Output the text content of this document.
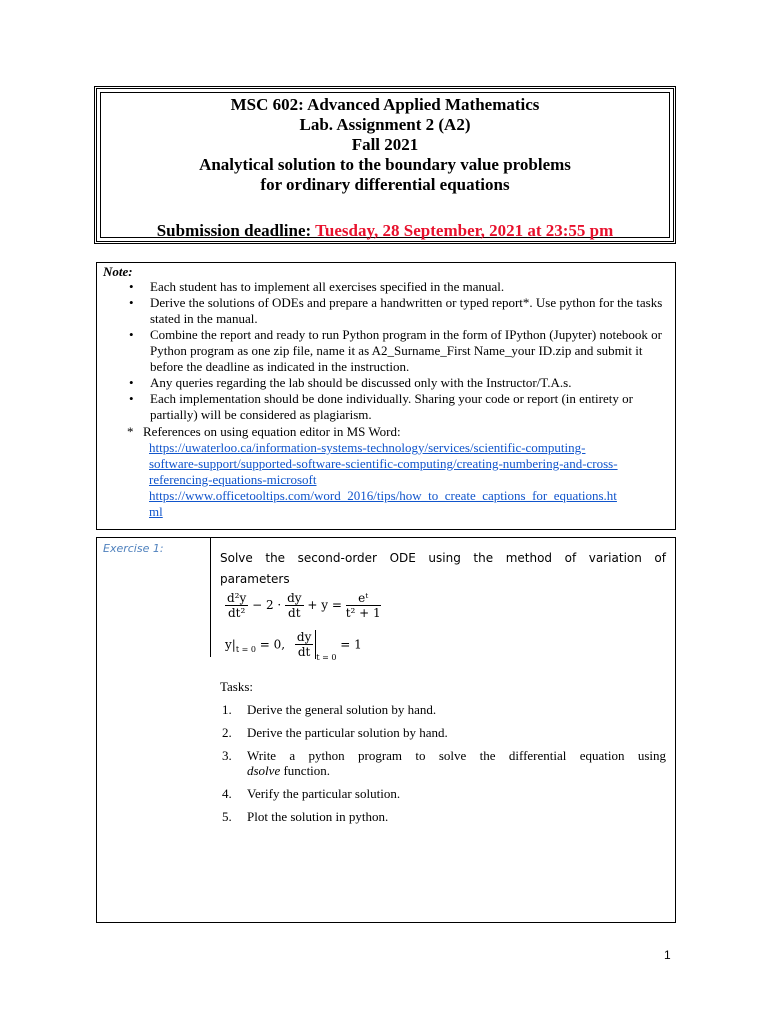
MSC 602: Advanced Applied Mathematics
Lab. Assignment 2 (A2)
Fall 2021
Analytical solution to the boundary value problems
for ordinary differential equations
Submission deadline: Tuesday, 28 September, 2021 at 23:55 pm
Note:
•	Each student has to implement all exercises specified in the manual.
•	Derive the solutions of ODEs and prepare a handwritten or typed report*. Use python for the tasks stated in the manual.
•	Combine the report and ready to run Python program in the form of IPython (Jupyter) notebook or Python program as one zip file, name it as A2_Surname_First Name_your ID.zip and submit it before the deadline as indicated in the instruction.
•	Any queries regarding the lab should be discussed only with the Instructor/T.A.s.
•	Each implementation should be done individually. Sharing your code or report (in entirety or partially) will be considered as plagiarism.
* References on using equation editor in MS Word:
https://uwaterloo.ca/information-systems-technology/services/scientific-computing-
software-support/supported-software-scientific-computing/creating-numbering-and-cross-
referencing-equations-microsoft
https://www.officetooltips.com/word_2016/tips/how_to_create_captions_for_equations.ht
ml
Exercise 1:
Solve the second-order ODE using the method of variation of
parameters
$\frac{\text{d²y}}{\text{dt²}} - 2 \cdot \frac{dy}{dt} + y = \frac{\text{eᵗ}}{\text{t² + 1}}$
$y|_{t = 0} = 0$, $\frac{dy}{dt} _{t = 0} = 1$
Tasks:
1.	Derive the general solution by hand.
2.	Derive the particular solution by hand.
3.	Write a python program to solve the differential equation using
dsolve function.
4.	Verify the particular solution.
5.	Plot the solution in python.
1
